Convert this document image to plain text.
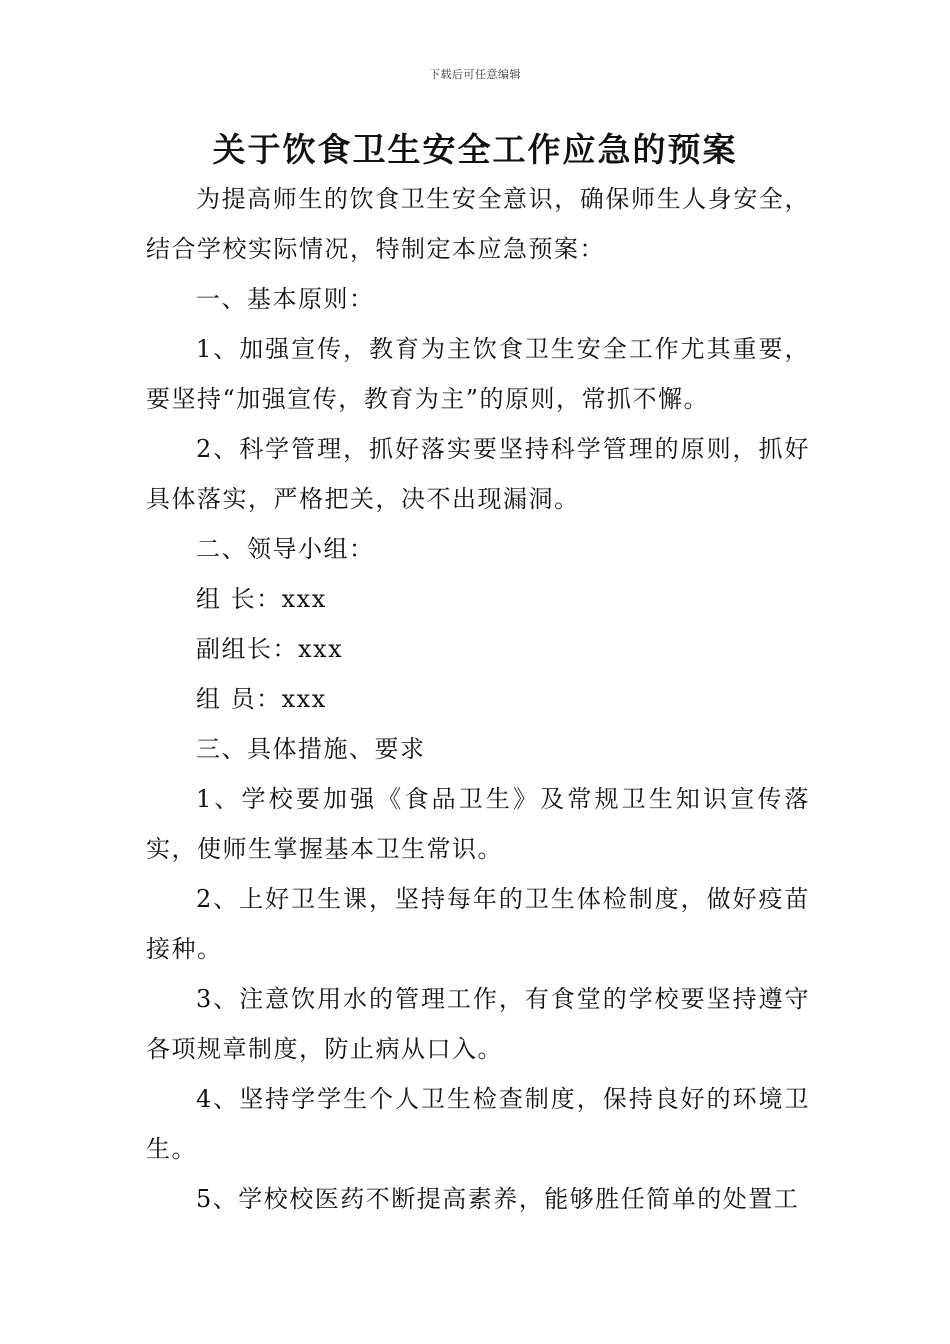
下载后可任意编辑
关于饮食卫生安全工作应急的预案

为提高师生的饮食卫生安全意识，确保师生人身安全，结合学校实际情况，特制定本应急预案：

一、基本原则：

1、加强宣传，教育为主饮食卫生安全工作尤其重要，要坚持“加强宣传，教育为主”的原则，常抓不懈。

2、科学管理，抓好落实要坚持科学管理的原则，抓好具体落实，严格把关，决不出现漏洞。

二、领导小组：

组 长：xxx

副组长：xxx

组 员：xxx

三、具体措施、要求

1、学校要加强《食品卫生》及常规卫生知识宣传落实，使师生掌握基本卫生常识。

2、上好卫生课，坚持每年的卫生体检制度，做好疫苗接种。

3、注意饮用水的管理工作，有食堂的学校要坚持遵守各项规章制度，防止病从口入。

4、坚持学学生个人卫生检查制度，保持良好的环境卫生。

5、学校校医药不断提高素养，能够胜任简单的处置工
